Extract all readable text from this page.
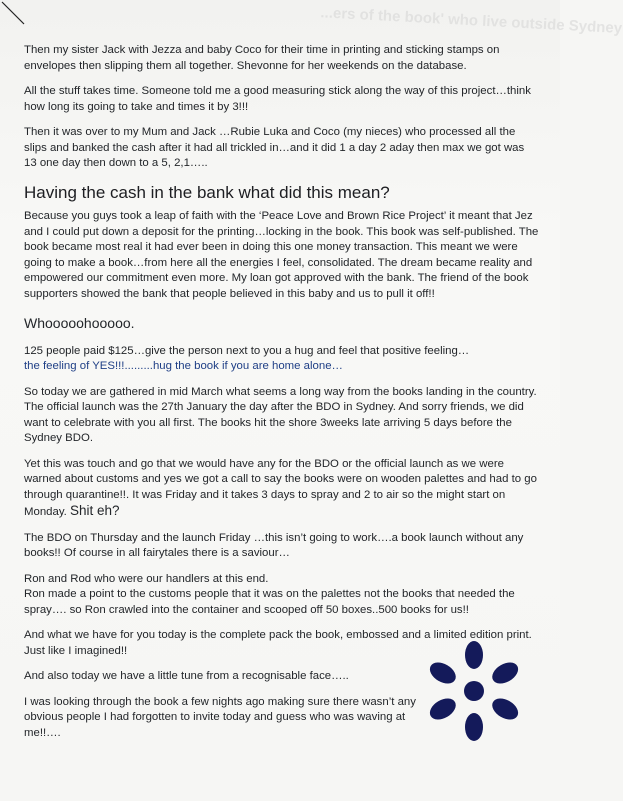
...ers of the book' who live outside Sydney

Then my sister Jack with Jezza and baby Coco for their time in printing and sticking stamps on envelopes then slipping them all together. Shevonne for her weekends on the database.

All the stuff takes time. Someone told me a good measuring stick along the way of this project…think how long its going to take and times it by 3!!!

Then it was over to my Mum and Jack …Rubie Luka and Coco (my nieces) who processed all the slips and banked the cash after it had all trickled in…and it did 1 a day 2 aday then max we got was 13 one day then down to a 5, 2,1…..

Having the cash in the bank what did this mean?

Because you guys took a leap of faith with the ‘Peace Love and Brown Rice Project’ it meant that Jez and I could put down a deposit for the printing…locking in the book. This book was self-published. The book became most real it had ever been in doing this one money transaction. This meant we were going to make a book…from here all the energies I feel, consolidated. The dream became reality and empowered our commitment even more. My loan got approved with the bank. The friend of the book supporters showed the bank that people believed in this baby and us to pull it off!!

Whooooohooooo.

125 people paid $125…give the person next to you a hug and feel that positive feeling…
the feeling of YES!!!.........hug the book if you are home alone…

So today we are gathered in mid March what seems a long way from the books landing in the country. The official launch was the 27th January the day after the BDO in Sydney. And sorry friends, we did want to celebrate with you all first. The books hit the shore 3weeks late arriving 5 days before the Sydney BDO.

Yet this was touch and go that we would have any for the BDO or the official launch as we were warned about customs and yes we got a call to say the books were on wooden palettes and had to go through quarantine!!. It was Friday and it takes 3 days to spray and 2 to air so the might start on Monday. Shit eh?

The BDO on Thursday and the launch Friday …this isn’t going to work….a book launch without any books!! Of course in all fairytales there is a saviour…

Ron and Rod who were our handlers at this end.

Ron made a point to the customs people that it was on the palettes not the books that needed the spray…. so Ron crawled into the container and scooped off 50 boxes..500 books for us!!

And what we have for you today is the complete pack the book, embossed and a limited edition print. Just like I imagined!!

And also today we have a little tune from a recognisable face…..

I was looking through the book a few nights ago making sure there wasn’t any obvious people I had forgotten to invite today and guess who was waving at me!!….
